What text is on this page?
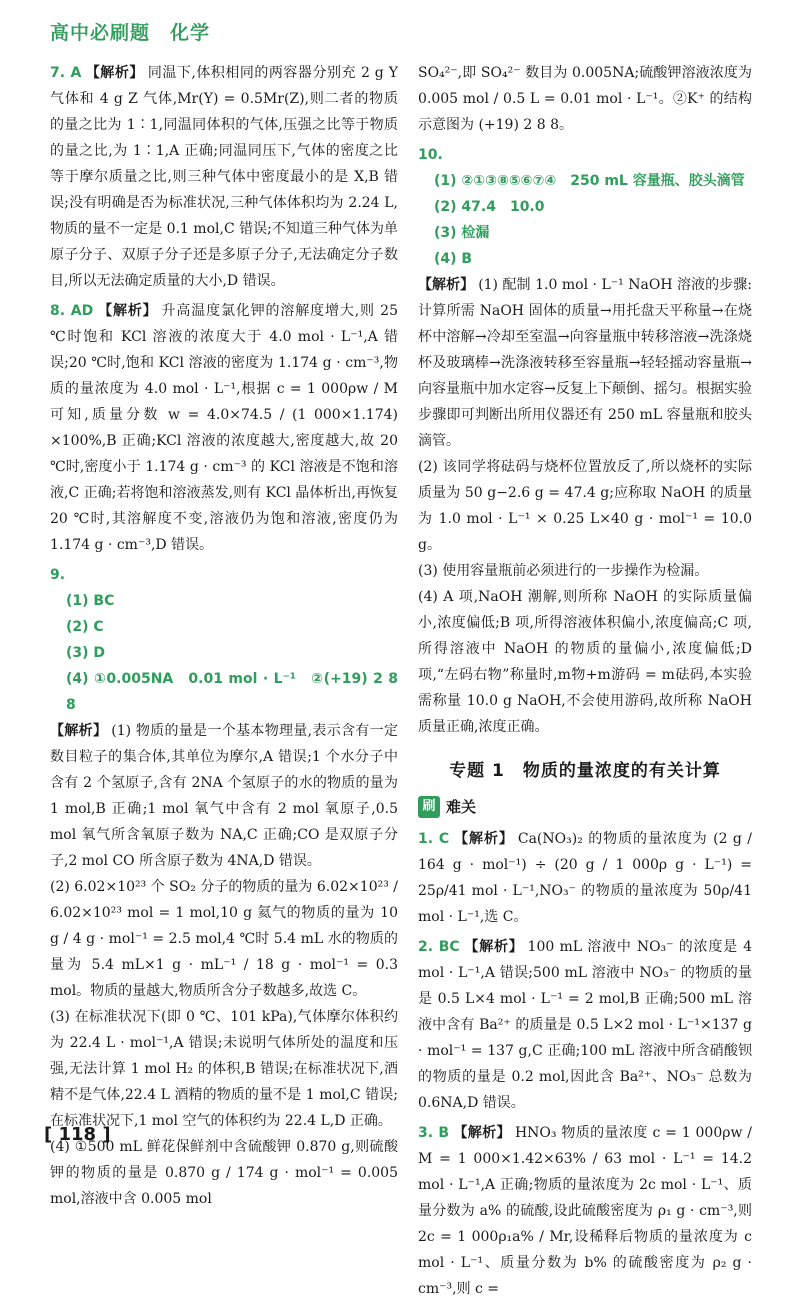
高中必刷题　化学

7. A 【解析】 同温下,体积相同的两容器分别充 2 g Y 气体和 4 g Z 气体,Mr(Y) = 0.5Mr(Z),则二者的物质的量之比为 1∶1,同温同体积的气体,压强之比等于物质的量之比,为 1∶1,A 正确;同温同压下,气体的密度之比等于摩尔质量之比,则三种气体中密度最小的是 X,B 错误;没有明确是否为标准状况,三种气体体积均为 2.24 L,物质的量不一定是 0.1 mol,C 错误;不知道三种气体为单原子分子、双原子分子还是多原子分子,无法确定分子数目,所以无法确定质量的大小,D 错误。

8. AD 【解析】 升高温度氯化钾的溶解度增大,则 25 ℃时饱和 KCl 溶液的浓度大于 4.0 mol · L⁻¹,A 错误;20 ℃时,饱和 KCl 溶液的密度为 1.174 g · cm⁻³,物质的量浓度为 4.0 mol · L⁻¹,根据 c = 1 000ρw / M 可知,质量分数 w = 4.0×74.5 / (1 000×1.174) ×100%,B 正确;KCl 溶液的浓度越大,密度越大,故 20 ℃时,密度小于 1.174 g · cm⁻³ 的 KCl 溶液是不饱和溶液,C 正确;若将饱和溶液蒸发,则有 KCl 晶体析出,再恢复 20 ℃时,其溶解度不变,溶液仍为饱和溶液,密度仍为 1.174 g · cm⁻³,D 错误。

9.
(1) BC
(2) C
(3) D
(4) ①0.005NA　0.01 mol · L⁻¹　②(+19) 2 8 8
【解析】 (1) 物质的量是一个基本物理量,表示含有一定数目粒子的集合体,其单位为摩尔,A 错误;1 个水分子中含有 2 个氢原子,含有 2NA 个氢原子的水的物质的量为 1 mol,B 正确;1 mol 氧气中含有 2 mol 氧原子,0.5 mol 氧气所含氧原子数为 NA,C 正确;CO 是双原子分子,2 mol CO 所含原子数为 4NA,D 错误。
(2) 6.02×10²³ 个 SO₂ 分子的物质的量为 6.02×10²³ / 6.02×10²³ mol = 1 mol,10 g 氦气的物质的量为 10 g / 4 g · mol⁻¹ = 2.5 mol,4 ℃时 5.4 mL 水的物质的量为 5.4 mL×1 g · mL⁻¹ / 18 g · mol⁻¹ = 0.3 mol。物质的量越大,物质所含分子数越多,故选 C。
(3) 在标准状况下(即 0 ℃、101 kPa),气体摩尔体积约为 22.4 L · mol⁻¹,A 错误;未说明气体所处的温度和压强,无法计算 1 mol H₂ 的体积,B 错误;在标准状况下,酒精不是气体,22.4 L 酒精的物质的量不是 1 mol,C 错误;在标准状况下,1 mol 空气的体积约为 22.4 L,D 正确。
(4) ①500 mL 鲜花保鲜剂中含硫酸钾 0.870 g,则硫酸钾的物质的量是 0.870 g / 174 g · mol⁻¹ = 0.005 mol,溶液中含 0.005 mol

SO₄²⁻,即 SO₄²⁻ 数目为 0.005NA;硫酸钾溶液浓度为 0.005 mol / 0.5 L = 0.01 mol · L⁻¹。②K⁺ 的结构示意图为 (+19) 2 8 8。

10.
(1) ②①③⑧⑤⑥⑦④　250 mL 容量瓶、胶头滴管
(2) 47.4　10.0
(3) 检漏
(4) B
【解析】 (1) 配制 1.0 mol · L⁻¹ NaOH 溶液的步骤:计算所需 NaOH 固体的质量→用托盘天平称量→在烧杯中溶解→冷却至室温→向容量瓶中转移溶液→洗涤烧杯及玻璃棒→洗涤液转移至容量瓶→轻轻摇动容量瓶→向容量瓶中加水定容→反复上下颠倒、摇匀。根据实验步骤即可判断出所用仪器还有 250 mL 容量瓶和胶头滴管。
(2) 该同学将砝码与烧杯位置放反了,所以烧杯的实际质量为 50 g−2.6 g = 47.4 g;应称取 NaOH 的质量为 1.0 mol · L⁻¹ × 0.25 L×40 g · mol⁻¹ = 10.0 g。
(3) 使用容量瓶前必须进行的一步操作为检漏。
(4) A 项,NaOH 潮解,则所称 NaOH 的实际质量偏小,浓度偏低;B 项,所得溶液体积偏小,浓度偏高;C 项,所得溶液中 NaOH 的物质的量偏小,浓度偏低;D 项,“左码右物”称量时,m物+m游码 = m砝码,本实验需称量 10.0 g NaOH,不会使用游码,故所称 NaOH 质量正确,浓度正确。
专题 1　物质的量浓度的有关计算
刷 难关

1. C 【解析】 Ca(NO₃)₂ 的物质的量浓度为 (2 g / 164 g · mol⁻¹) ÷ (20 g / 1 000ρ g · L⁻¹) = 25ρ/41 mol · L⁻¹,NO₃⁻ 的物质的量浓度为 50ρ/41 mol · L⁻¹,选 C。

2. BC 【解析】 100 mL 溶液中 NO₃⁻ 的浓度是 4 mol · L⁻¹,A 错误;500 mL 溶液中 NO₃⁻ 的物质的量是 0.5 L×4 mol · L⁻¹ = 2 mol,B 正确;500 mL 溶液中含有 Ba²⁺ 的质量是 0.5 L×2 mol · L⁻¹×137 g · mol⁻¹ = 137 g,C 正确;100 mL 溶液中所含硝酸钡的物质的量是 0.2 mol,因此含 Ba²⁺、NO₃⁻ 总数为 0.6NA,D 错误。

3. B 【解析】 HNO₃ 物质的量浓度 c = 1 000ρw / M = 1 000×1.42×63% / 63 mol · L⁻¹ = 14.2 mol · L⁻¹,A 正确;物质的量浓度为 2c mol · L⁻¹、质量分数为 a% 的硫酸,设此硫酸密度为 ρ₁ g · cm⁻³,则 2c = 1 000ρ₁a% / Mr,设稀释后物质的量浓度为 c mol · L⁻¹、质量分数为 b% 的硫酸密度为 ρ₂ g · cm⁻³,则 c =

[ 118 ]
